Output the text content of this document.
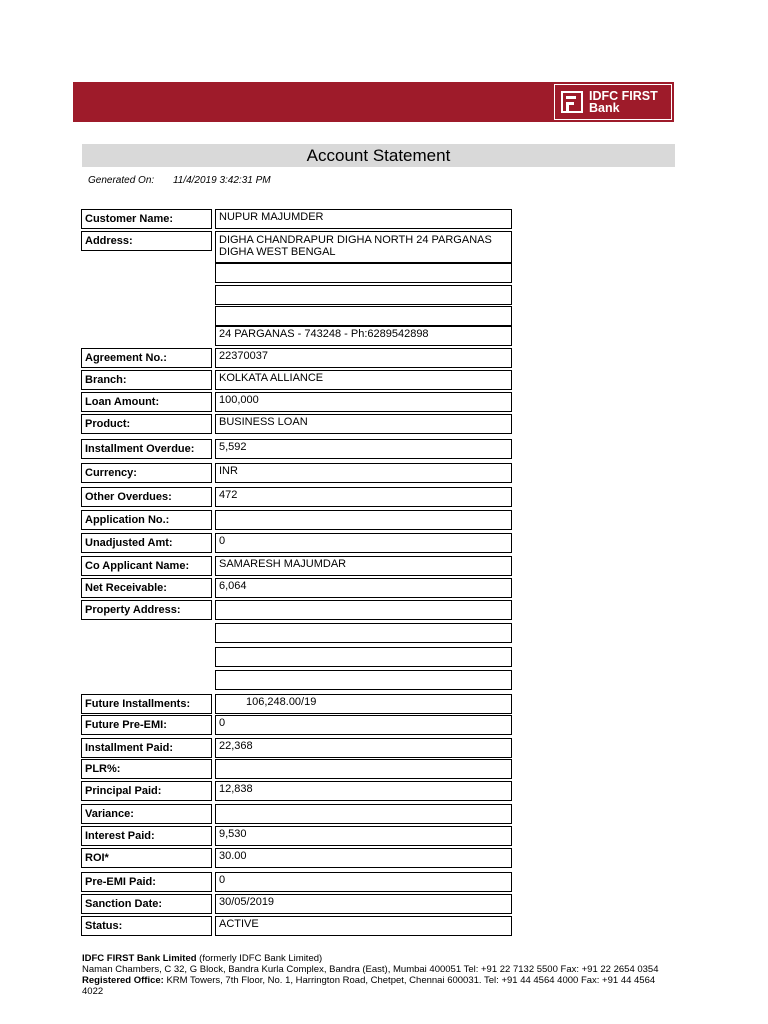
IDFC FIRST
Bank
Account Statement
Generated On: 11/4/2019 3:42:31 PM
Customer Name:	NUPUR MAJUMDER
Address:	DIGHA CHANDRAPUR DIGHA NORTH 24 PARGANAS DIGHA WEST BENGAL
24 PARGANAS - 743248 - Ph:6289542898
Agreement No.:	22370037
Branch:	KOLKATA ALLIANCE
Loan Amount:	100,000
Product:	BUSINESS LOAN
Installment Overdue:	5,592
Currency:	INR
Other Overdues:	472
Application No.:
Unadjusted Amt:	0
Co Applicant Name:	SAMARESH MAJUMDAR
Net Receivable:	6,064
Property Address:
Future Installments:	106,248.00/19
Future Pre-EMI:	0
Installment Paid:	22,368
PLR%:
Principal Paid:	12,838
Variance:
Interest Paid:	9,530
ROI*	30.00
Pre-EMI Paid:	0
Sanction Date:	30/05/2019
Status:	ACTIVE
IDFC FIRST Bank Limited (formerly IDFC Bank Limited)
Naman Chambers, C 32, G Block, Bandra Kurla Complex, Bandra (East), Mumbai 400051 Tel: +91 22 7132 5500 Fax: +91 22 2654 0354
Registered Office: KRM Towers, 7th Floor, No. 1, Harrington Road, Chetpet, Chennai 600031. Tel: +91 44 4564 4000 Fax: +91 44 4564 4022
